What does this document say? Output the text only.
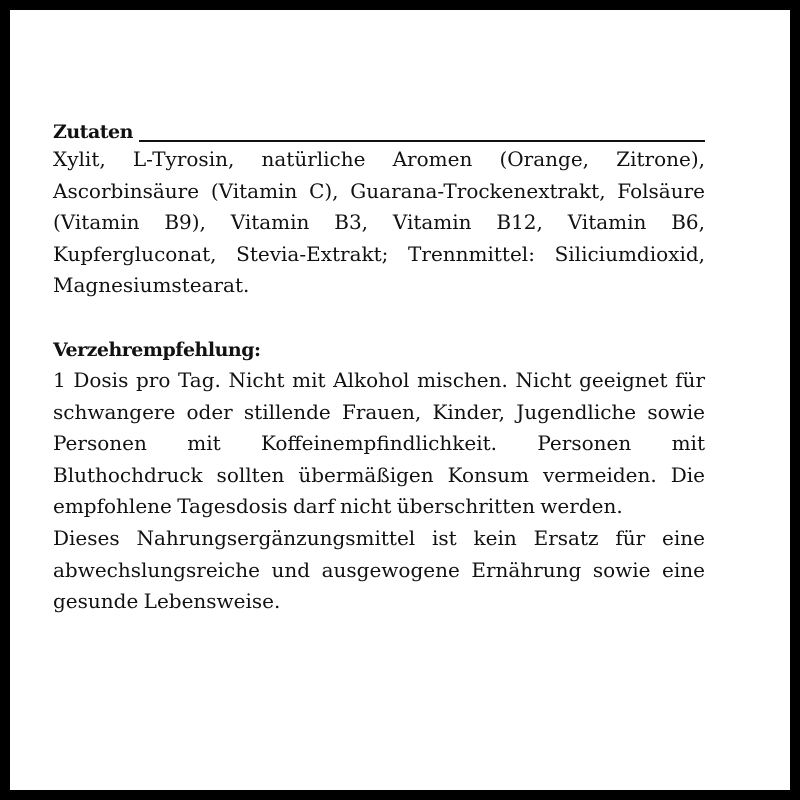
Zutaten

Xylit, L-Tyrosin, natürliche Aromen (Orange, Zitrone), Ascorbinsäure (Vitamin C), Guarana-Trockenextrakt, Folsäure (Vitamin B9), Vitamin B3, Vitamin B12, Vitamin B6, Kupfergluconat, Stevia-Extrakt; Trennmittel: Siliciumdioxid, Magnesiumstearat.

Verzehrempfehlung:

1 Dosis pro Tag. Nicht mit Alkohol mischen. Nicht geeignet für schwangere oder stillende Frauen, Kinder, Jugendliche sowie Personen mit Koffeinempfindlichkeit. Personen mit Bluthochdruck sollten übermäßigen Konsum vermeiden. Die empfohlene Tagesdosis darf nicht überschritten werden.

Dieses Nahrungsergänzungsmittel ist kein Ersatz für eine abwechslungsreiche und ausgewogene Ernährung sowie eine gesunde Lebensweise.
